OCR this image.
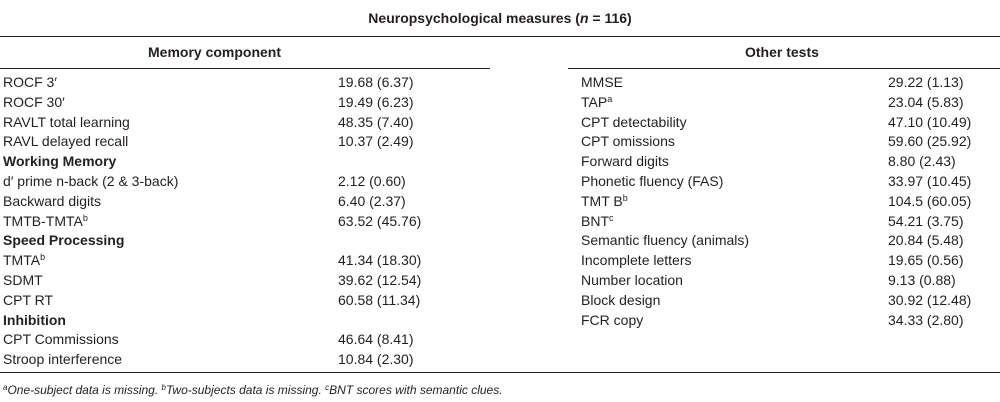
Neuropsychological measures (n = 116)
Memory component	Other tests
ROCF 3′	19.68 (6.37)
ROCF 30′	19.49 (6.23)
RAVLT total learning	48.35 (7.40)
RAVL delayed recall	10.37 (2.49)
Working Memory
d′ prime n-back (2 & 3-back)	2.12 (0.60)
Backward digits	6.40 (2.37)
TMTB-TMTA$^b$	63.52 (45.76)
Speed Processing
TMTA$^b$	41.34 (18.30)
SDMT	39.62 (12.54)
CPT RT	60.58 (11.34)
Inhibition
CPT Commissions	46.64 (8.41)
Stroop interference	10.84 (2.30)
MMSE	29.22 (1.13)
TAP$^a$	23.04 (5.83)
CPT detectability	47.10 (10.49)
CPT omissions	59.60 (25.92)
Forward digits	8.80 (2.43)
Phonetic fluency (FAS)	33.97 (10.45)
TMT $B^b$	104.5 (60.05)
BNT$^c$	54.21 (3.75)
Semantic fluency (animals)	20.84 (5.48)
Incomplete letters	19.65 (0.56)
Number location	9.13 (0.88)
Block design	30.92 (12.48)
FCR copy	34.33 (2.80)
$^a$One-subject data is missing. $^b$Two-subjects data is missing. $^c$BNT scores with semantic clues.
